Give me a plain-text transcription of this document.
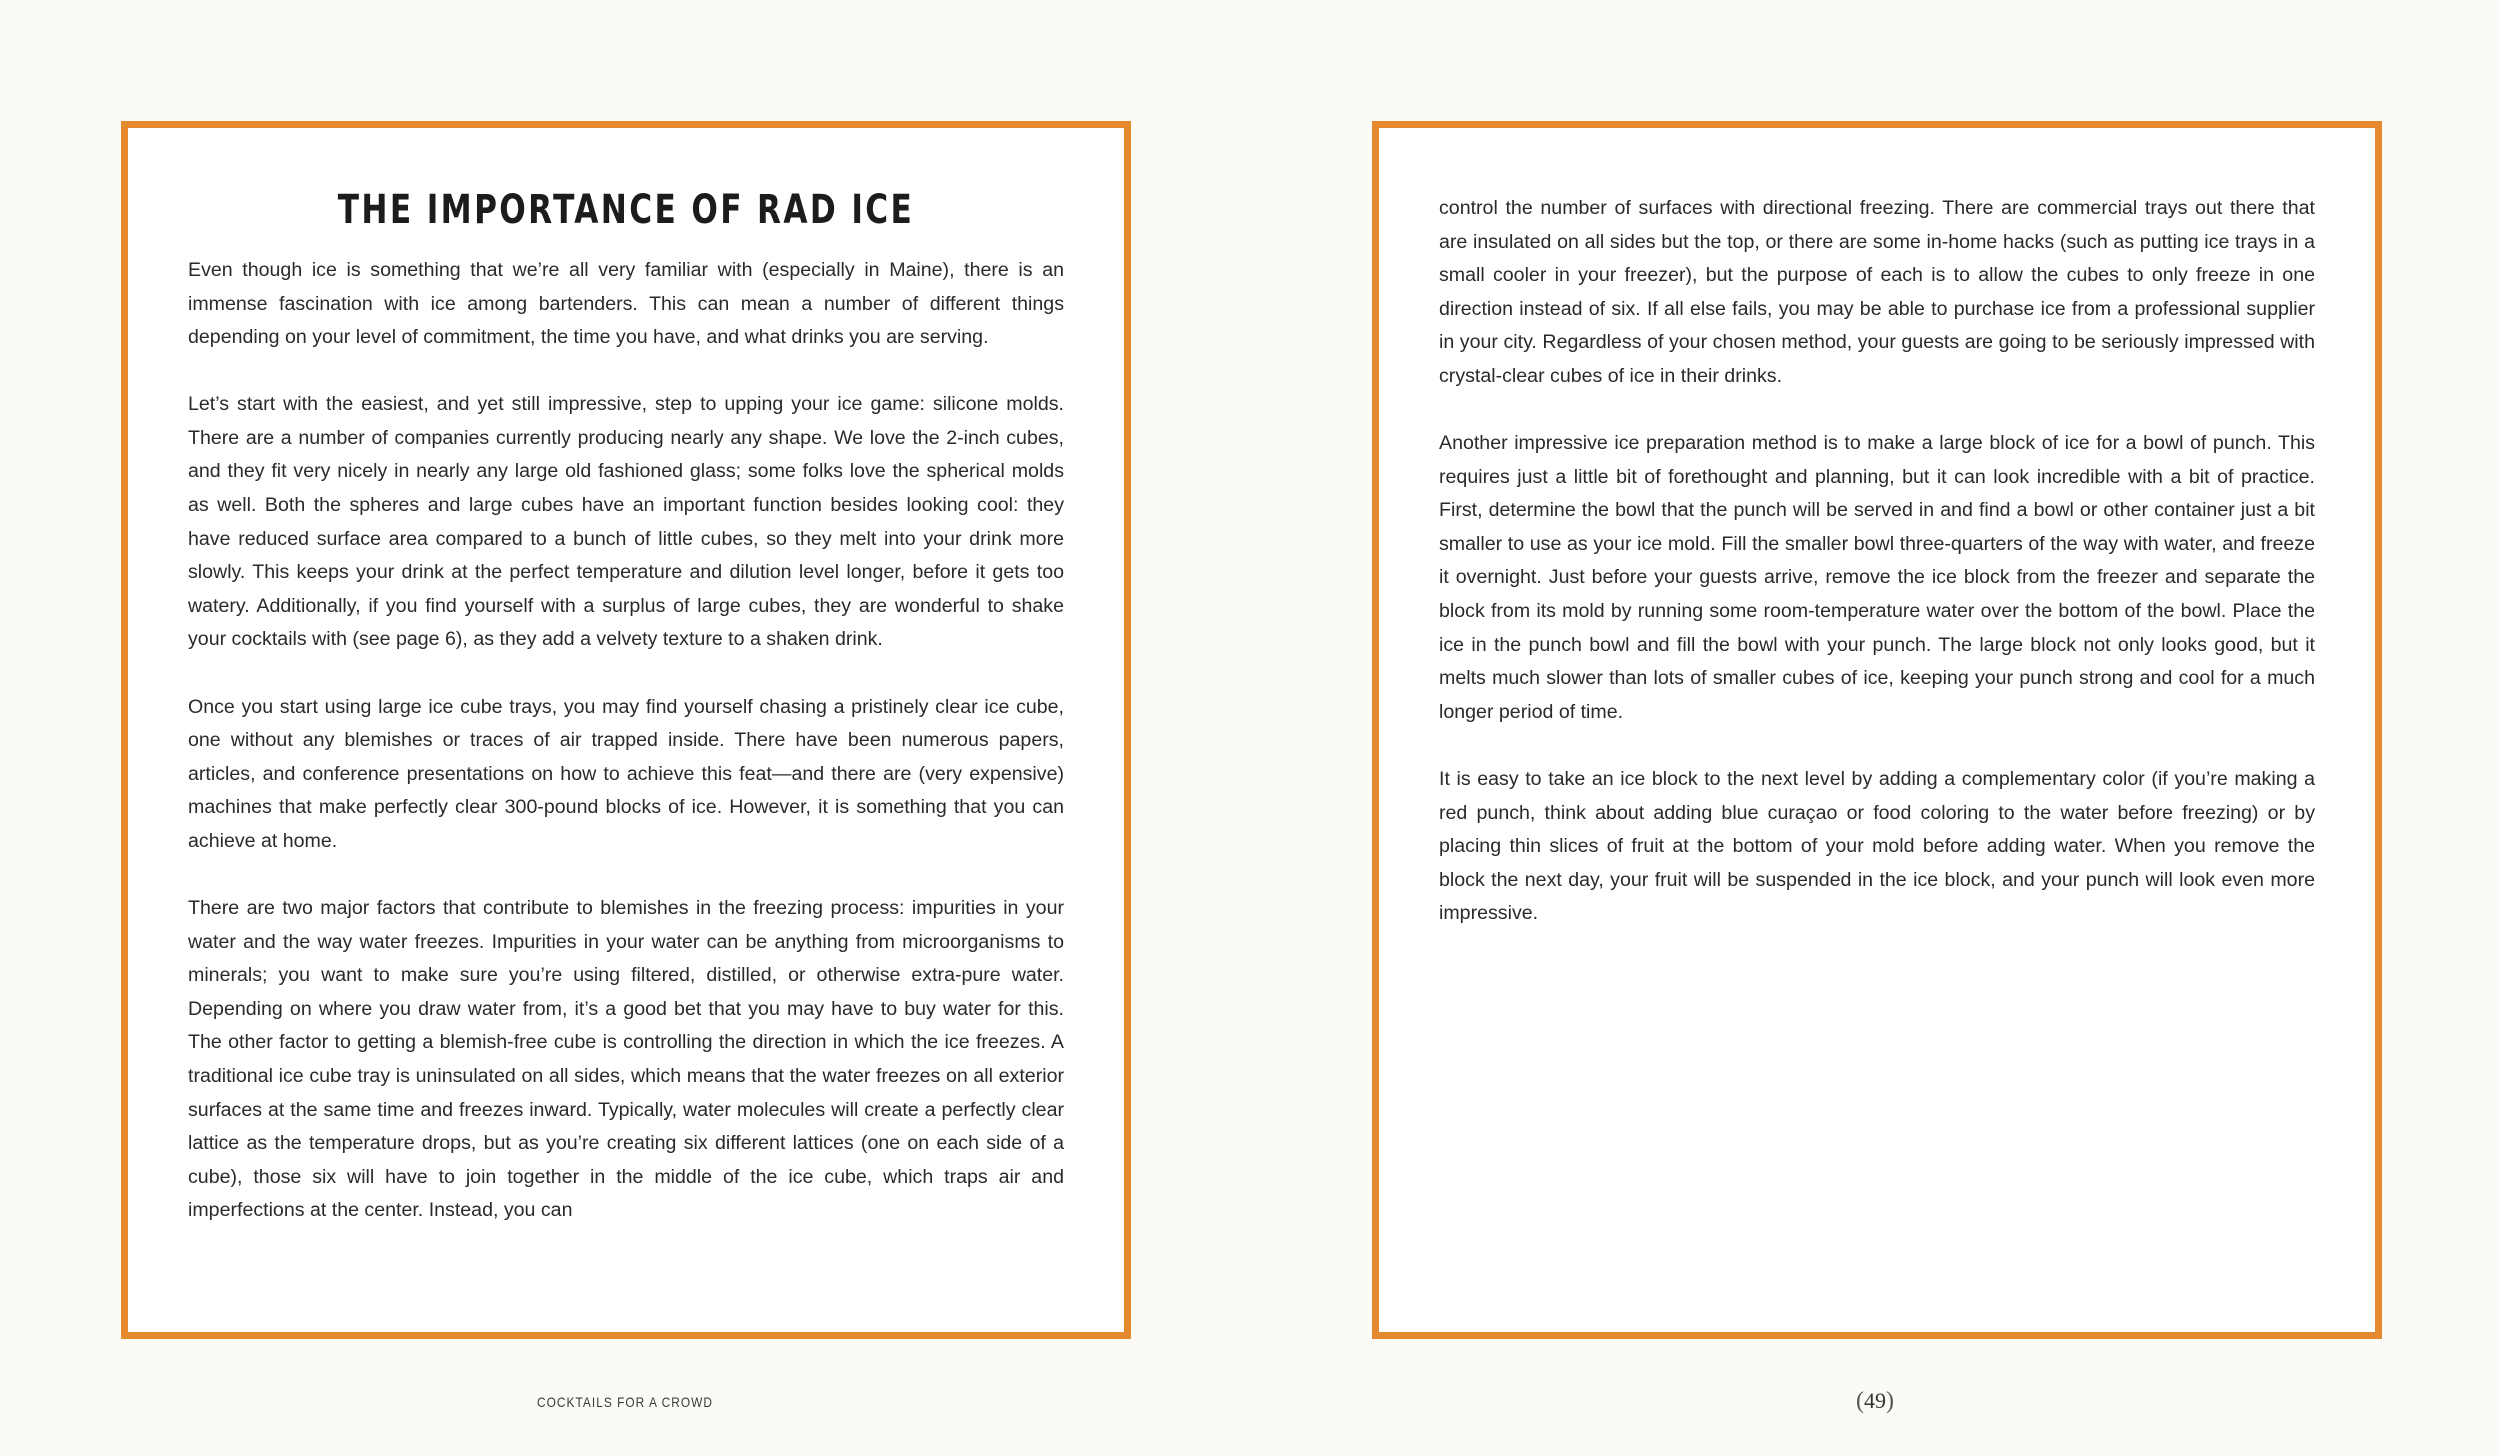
THE IMPORTANCE OF RAD ICE

Even though ice is something that we’re all very familiar with (especially in Maine), there is an immense fascination with ice among bartenders. This can mean a number of different things depending on your level of commitment, the time you have, and what drinks you are serving.

Let’s start with the easiest, and yet still impressive, step to upping your ice game: silicone molds. There are a number of companies currently producing nearly any shape. We love the 2-inch cubes, and they fit very nicely in nearly any large old fashioned glass; some folks love the spherical molds as well. Both the spheres and large cubes have an important function besides looking cool: they have reduced surface area compared to a bunch of little cubes, so they melt into your drink more slowly. This keeps your drink at the perfect temperature and dilution level longer, before it gets too watery. Additionally, if you find yourself with a surplus of large cubes, they are wonderful to shake your cocktails with (see page 6), as they add a velvety texture to a shaken drink.

Once you start using large ice cube trays, you may find yourself chasing a pristinely clear ice cube, one without any blemishes or traces of air trapped inside. There have been numerous papers, articles, and conference presentations on how to achieve this feat—and there are (very expensive) machines that make perfectly clear 300-pound blocks of ice. However, it is something that you can achieve at home.

There are two major factors that contribute to blemishes in the freezing process: impurities in your water and the way water freezes. Impurities in your water can be anything from microorganisms to minerals; you want to make sure you’re using filtered, distilled, or otherwise extra-pure water. Depending on where you draw water from, it’s a good bet that you may have to buy water for this. The other factor to getting a blemish-free cube is controlling the direction in which the ice freezes. A traditional ice cube tray is uninsulated on all sides, which means that the water freezes on all exterior surfaces at the same time and freezes inward. Typically, water molecules will create a perfectly clear lattice as the temperature drops, but as you’re creating six different lattices (one on each side of a cube), those six will have to join together in the middle of the ice cube, which traps air and imperfections at the center. Instead, you can

COCKTAILS FOR A CROWD

control the number of surfaces with directional freezing. There are commercial trays out there that are insulated on all sides but the top, or there are some in-home hacks (such as putting ice trays in a small cooler in your freezer), but the purpose of each is to allow the cubes to only freeze in one direction instead of six. If all else fails, you may be able to purchase ice from a professional supplier in your city. Regardless of your chosen method, your guests are going to be seriously impressed with crystal-clear cubes of ice in their drinks.

Another impressive ice preparation method is to make a large block of ice for a bowl of punch. This requires just a little bit of forethought and planning, but it can look incredible with a bit of practice. First, determine the bowl that the punch will be served in and find a bowl or other container just a bit smaller to use as your ice mold. Fill the smaller bowl three-quarters of the way with water, and freeze it overnight. Just before your guests arrive, remove the ice block from the freezer and separate the block from its mold by running some room-temperature water over the bottom of the bowl. Place the ice in the punch bowl and fill the bowl with your punch. The large block not only looks good, but it melts much slower than lots of smaller cubes of ice, keeping your punch strong and cool for a much longer period of time.

It is easy to take an ice block to the next level by adding a complementary color (if you’re making a red punch, think about adding blue curaçao or food coloring to the water before freezing) or by placing thin slices of fruit at the bottom of your mold before adding water. When you remove the block the next day, your fruit will be suspended in the ice block, and your punch will look even more impressive.

(49)
